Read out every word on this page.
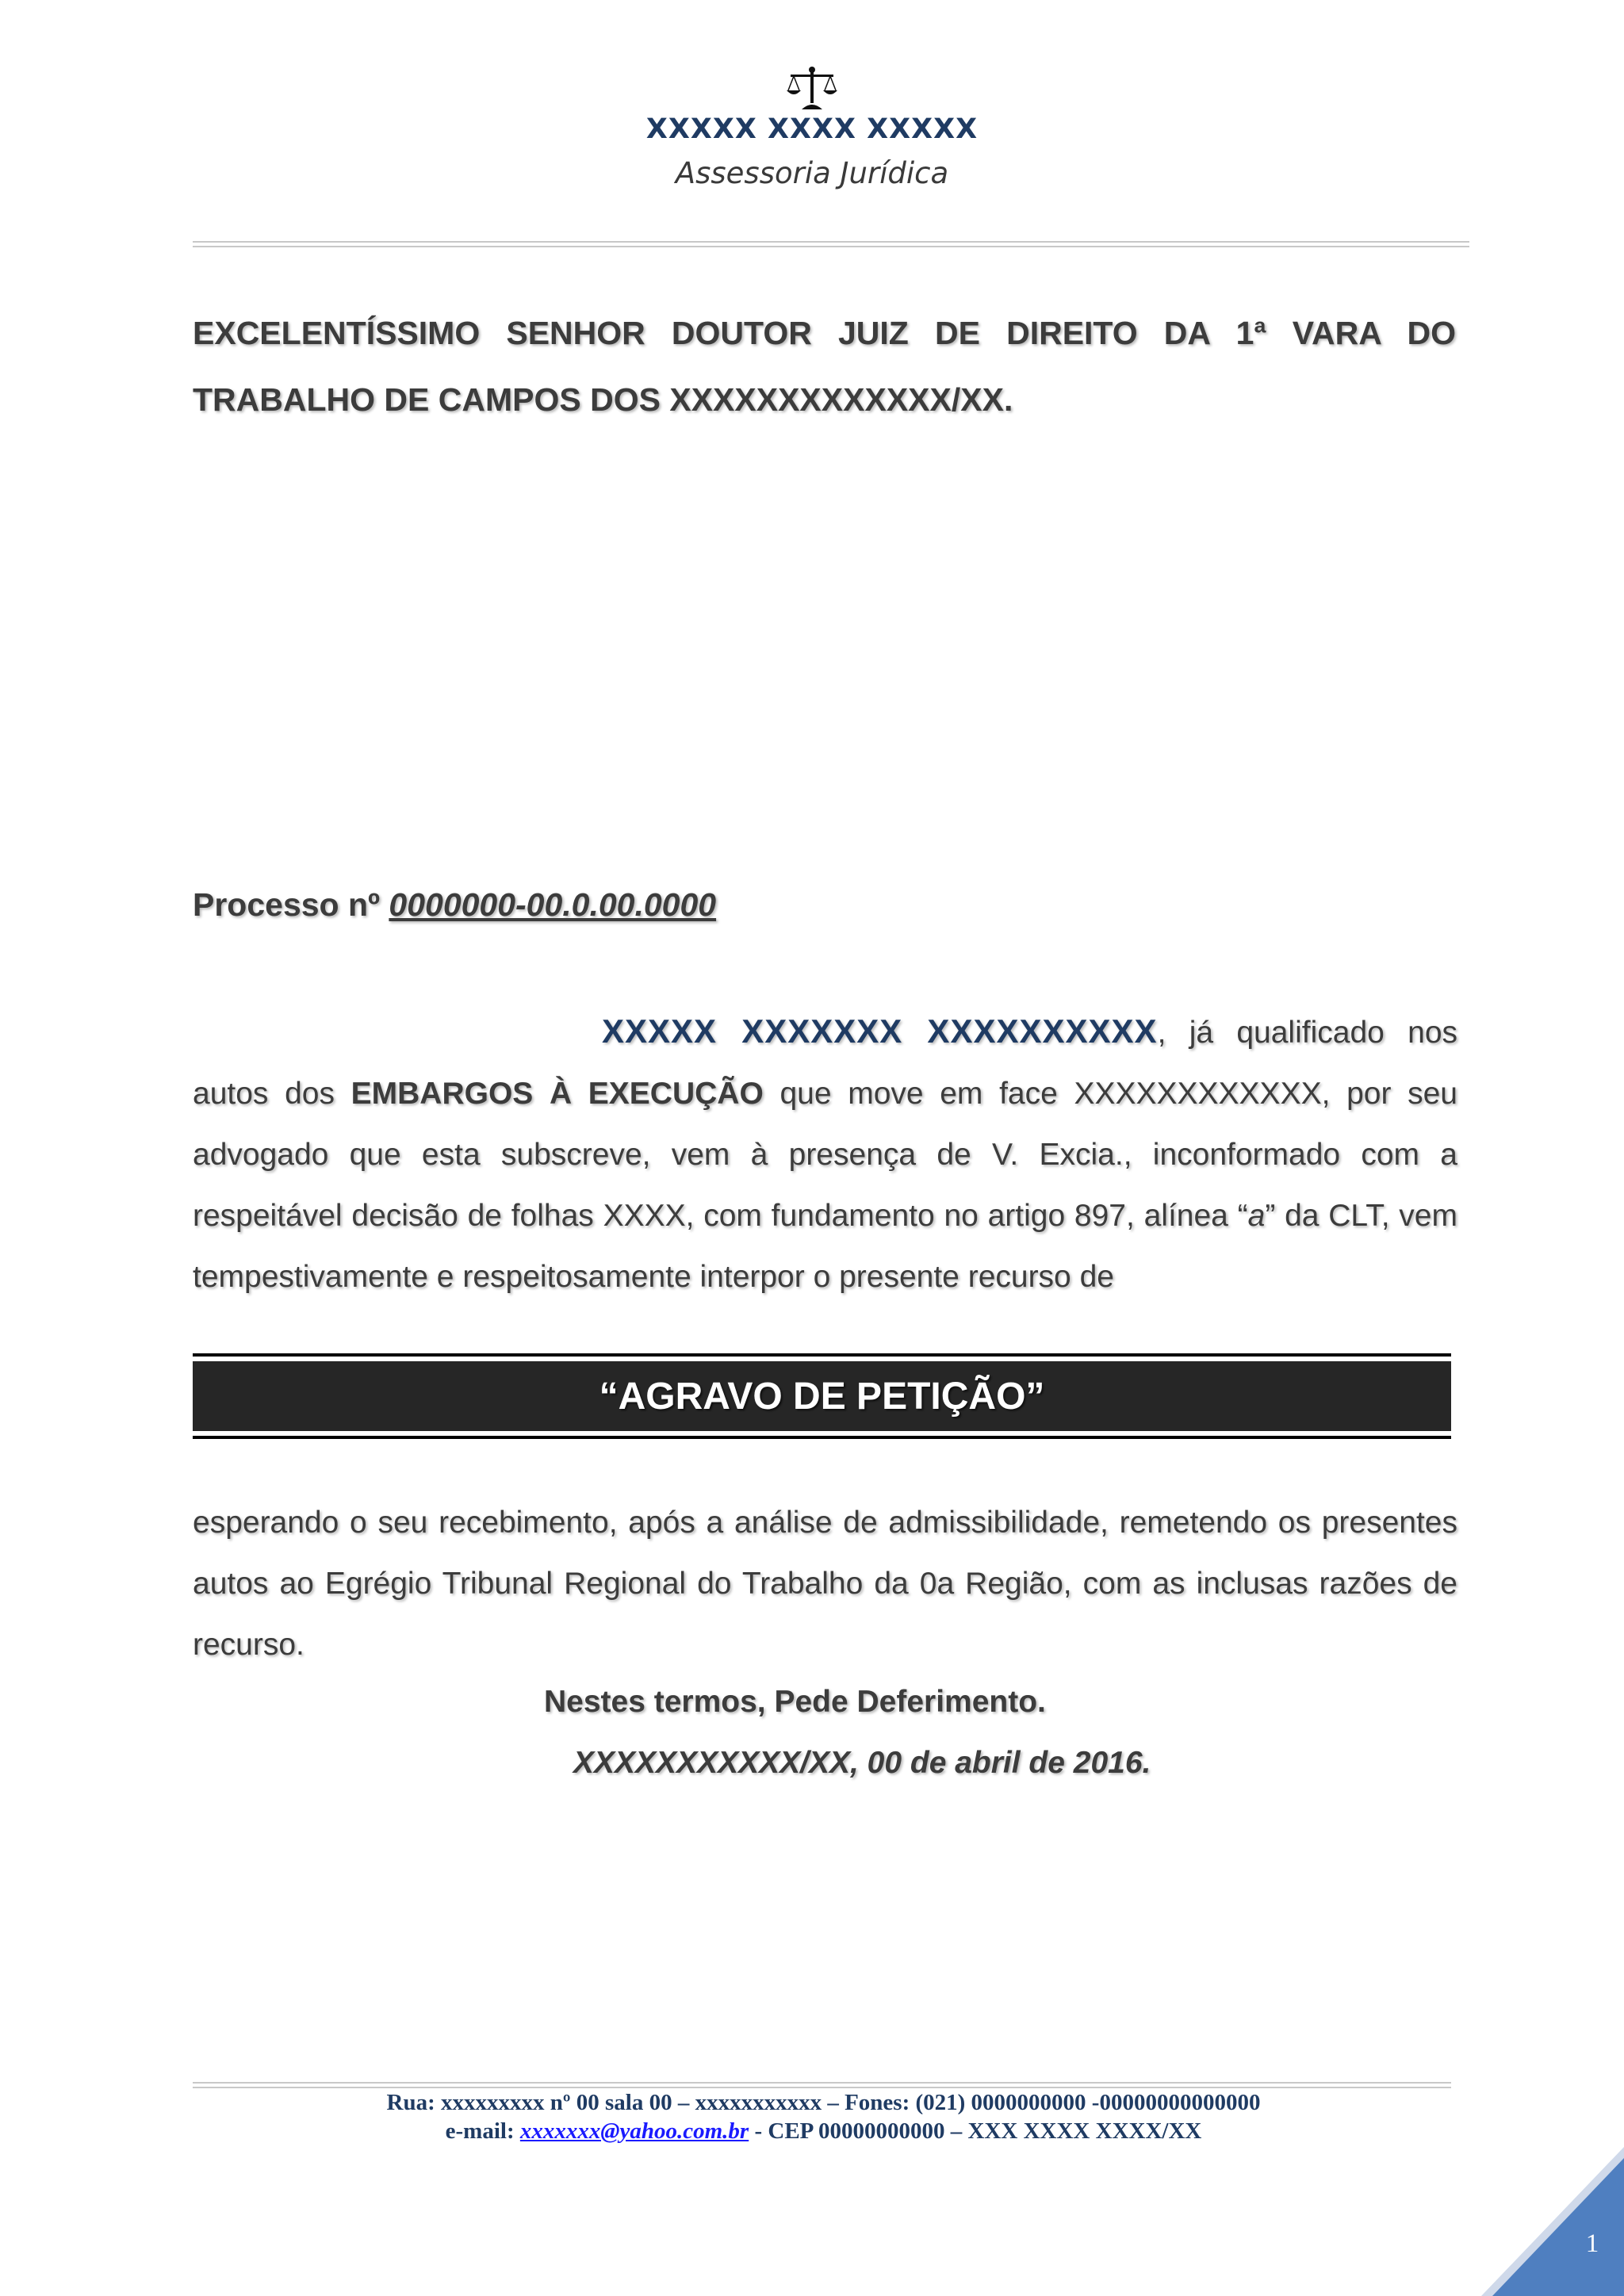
XXXXX XXXX XXXXX
Assessoria Jurídica
EXCELENTÍSSIMO SENHOR DOUTOR JUIZ DE DIREITO DA 1ª VARA DO TRABALHO DE CAMPOS DOS XXXXXXXXXXXXX/XX.
Processo nº 0000000-00.0.00.0000
XXXXX XXXXXXX XXXXXXXXXX, já qualificado nos autos dos EMBARGOS À EXECUÇÃO que move em face XXXXXXXXXXXX, por seu advogado que esta subscreve, vem à presença de V. Excia., inconformado com a respeitável decisão de folhas XXXX, com fundamento no artigo 897, alínea “a” da CLT, vem tempestivamente e respeitosamente interpor o presente recurso de
“AGRAVO DE PETIÇÃO”
esperando o seu recebimento, após a análise de admissibilidade, remetendo os presentes autos ao Egrégio Tribunal Regional do Trabalho da 0a Região, com as inclusas razões de recurso.
Nestes termos, Pede Deferimento.
XXXXXXXXXXX/XX, 00 de abril de 2016.
Rua: xxxxxxxxx nº 00 sala 00 – xxxxxxxxxxx – Fones: (021) 0000000000 -00000000000000
e-mail: xxxxxxx@yahoo.com.br - CEP 00000000000 – XXX XXXX XXXX/XX
1
